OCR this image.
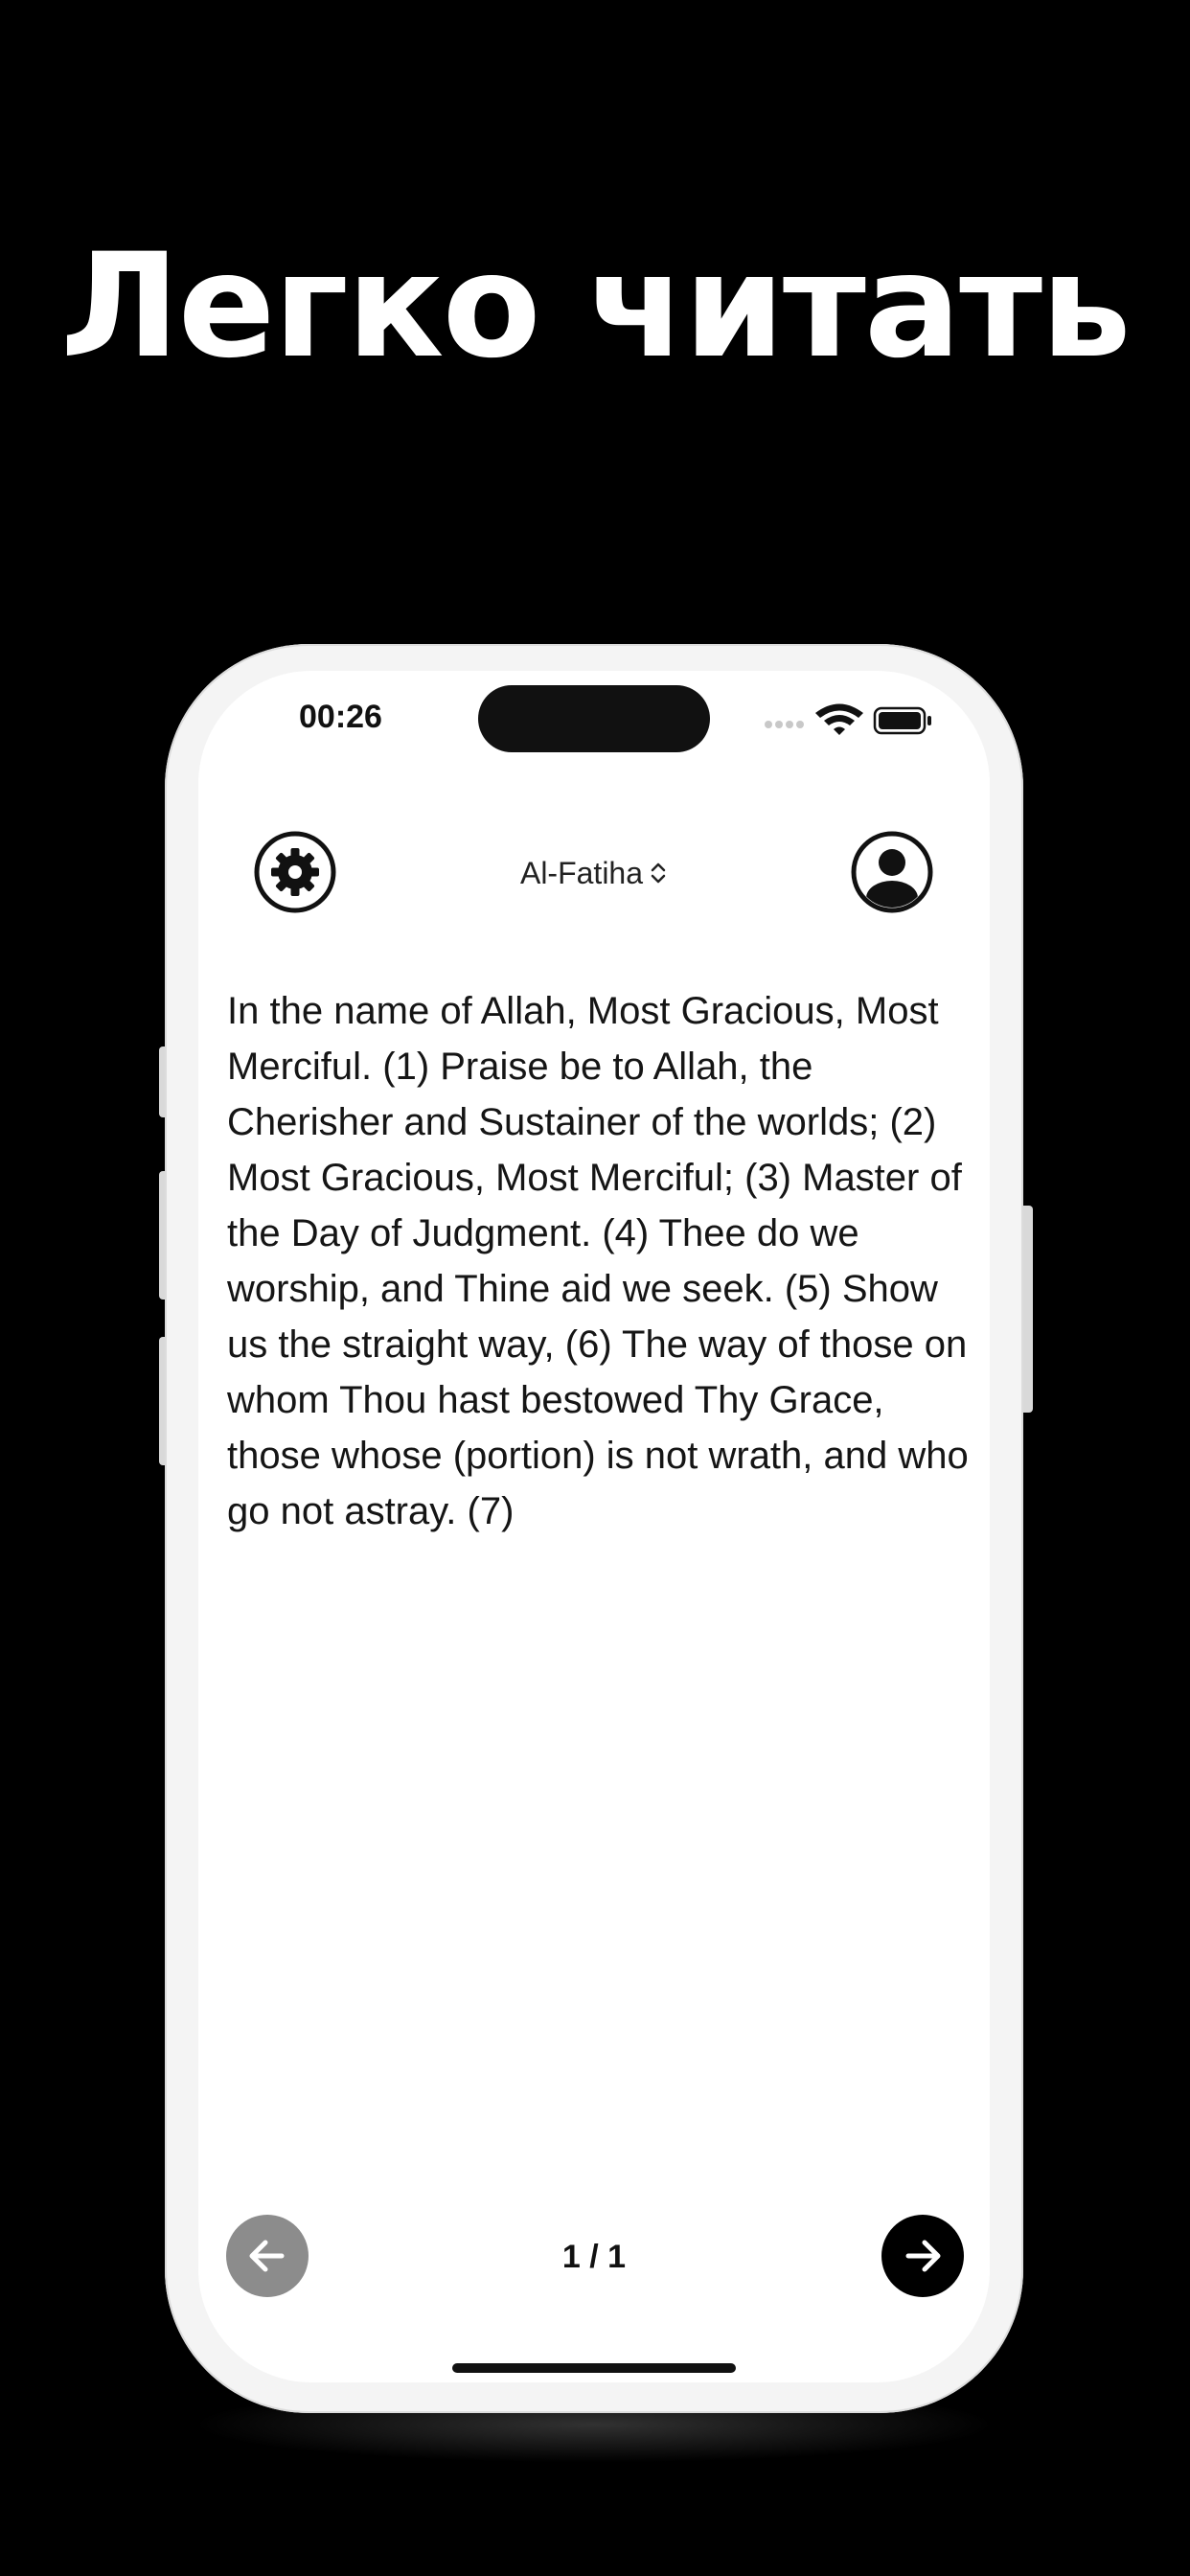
Легко читать
00:26
Al-Fatiha
In the name of Allah, Most Gracious, Most Merciful. (1) Praise be to Allah, the Cherisher and Sustainer of the worlds; (2) Most Gracious, Most Merciful; (3) Master of the Day of Judgment. (4) Thee do we worship, and Thine aid we seek. (5) Show us the straight way, (6) The way of those on whom Thou hast bestowed Thy Grace, those whose (portion) is not wrath, and who go not astray. (7)
1 / 1
